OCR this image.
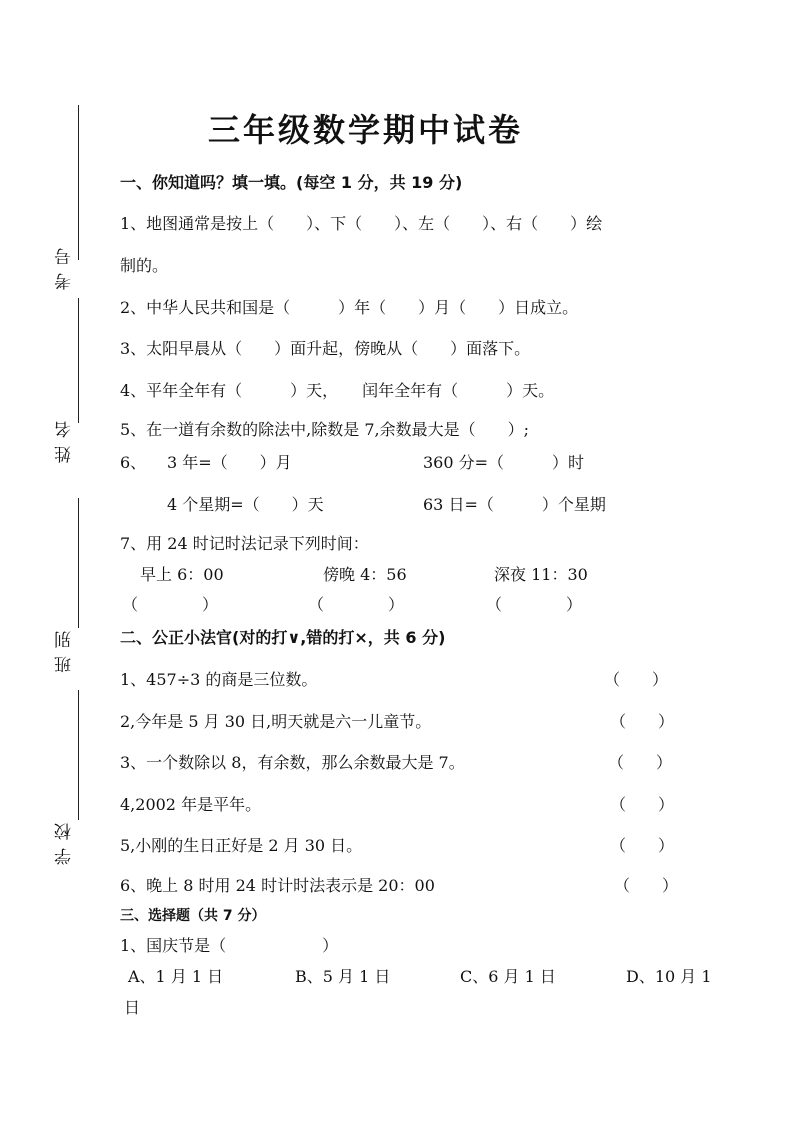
考号
姓名
班别
学校
三年级数学期中试卷
一、你知道吗？填一填。(每空 1 分，共 19 分)
1、地图通常是按上（　　）、下（　　）、左（　　）、右（　　）绘
制的。
2、中华人民共和国是（　　　）年（　　）月（　　）日成立。
3、太阳早晨从（　　）面升起，傍晚从（　　）面落下。
4、平年全年有（　　　）天，　　闰年全年有（　　　）天。
5、在一道有余数的除法中,除数是 7,余数最大是（　　）;
6、 3 年=（　　）月	360 分=（　　　）时
4 个星期=（　　）天	63 日=（　　　）个星期
7、用 24 时记时法记录下列时间：
早上 6：00	傍晚 4：56	深夜 11：30
（　　　　）	（　　　　）	（　　　　）
二、公正小法官(对的打∨,错的打×，共 6 分)
1、457÷3 的商是三位数。	（　　）
2,今年是 5 月 30 日,明天就是六一儿童节。	（　　）
3、一个数除以 8，有余数，那么余数最大是 7。	（　　）
4,2002 年是平年。	（　　）
5,小刚的生日正好是 2 月 30 日。	（　　）
6、晚上 8 时用 24 时计时法表示是 20：00	（　　）
三、选择题（共 7 分）
1、国庆节是（　　　　　　）
A、1 月 1 日	B、5 月 1 日	C、6 月 1 日	D、10 月 1
日
